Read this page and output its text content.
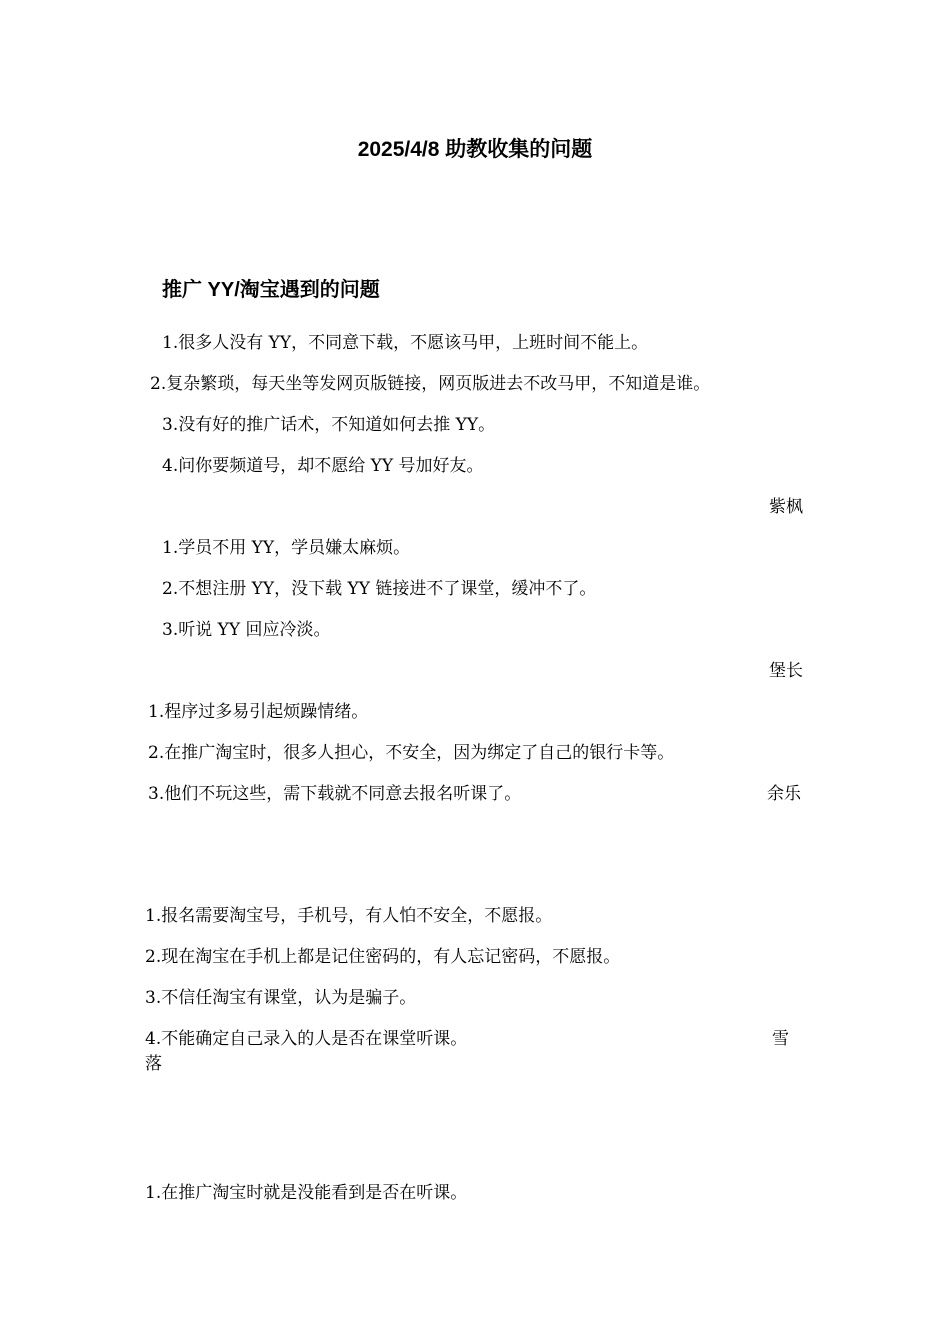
2025/4/8 助教收集的问题
推广 YY/淘宝遇到的问题
1.很多人没有 YY，不同意下载，不愿该马甲，上班时间不能上。
2.复杂繁琐，每天坐等发网页版链接，网页版进去不改马甲，不知道是谁。
3.没有好的推广话术，不知道如何去推 YY。
4.问你要频道号，却不愿给 YY 号加好友。
紫枫
1.学员不用 YY，学员嫌太麻烦。
2.不想注册 YY，没下载 YY 链接进不了课堂，缓冲不了。
3.听说 YY 回应冷淡。
堡长
1.程序过多易引起烦躁情绪。
2.在推广淘宝时，很多人担心，不安全，因为绑定了自己的银行卡等。
3.他们不玩这些，需下载就不同意去报名听课了。	余乐
1.报名需要淘宝号，手机号，有人怕不安全，不愿报。
2.现在淘宝在手机上都是记住密码的，有人忘记密码，不愿报。
3.不信任淘宝有课堂，认为是骗子。
4.不能确定自己录入的人是否在课堂听课。	雪
落
1.在推广淘宝时就是没能看到是否在听课。
